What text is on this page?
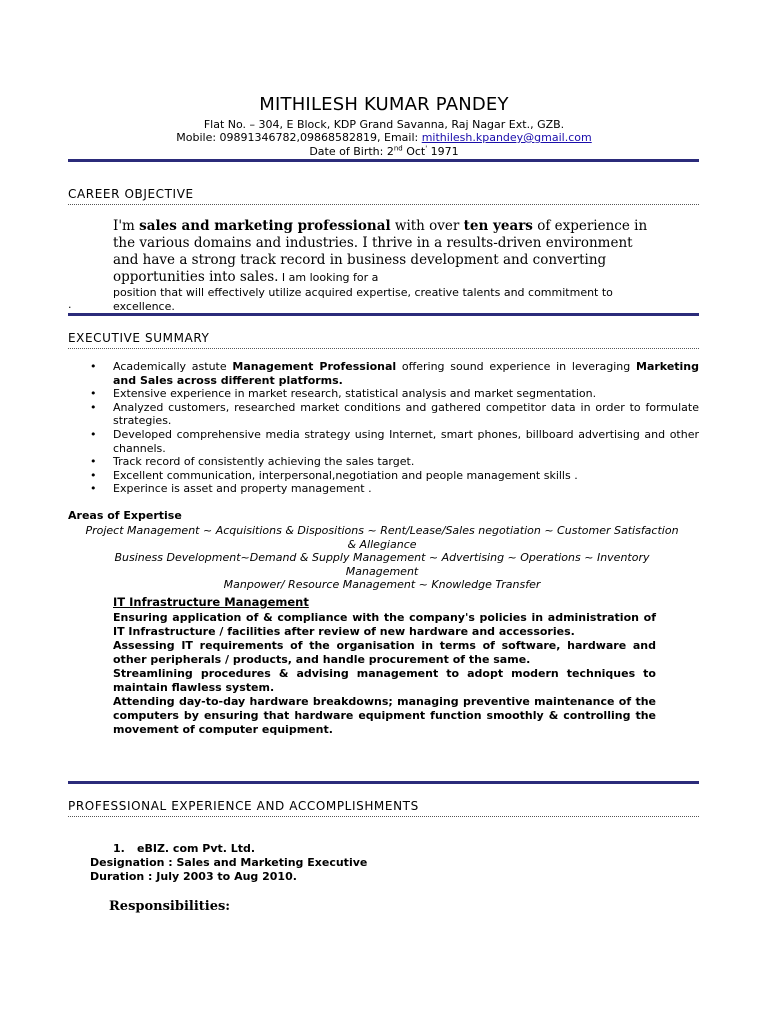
MITHILESH KUMAR PANDEY
Flat No. – 304, E Block, KDP Grand Savanna, Raj Nagar Ext., GZB.
Mobile: 09891346782,09868582819, Email: mithilesh.kpandey@gmail.com
Date of Birth: 2nd Oct' 1971
CAREER OBJECTIVE
I'm sales and marketing professional with over ten years of experience in the various domains and industries. I thrive in a results-driven environment and have a strong track record in business development and converting opportunities into sales. I am looking for a
position that will effectively utilize acquired expertise, creative talents and commitment to excellence.
.
EXECUTIVE SUMMARY
• Academically astute Management Professional offering sound experience in leveraging Marketing and Sales across different platforms.
• Extensive experience in market research, statistical analysis and market segmentation.
• Analyzed customers, researched market conditions and gathered competitor data in order to formulate strategies.
• Developed comprehensive media strategy using Internet, smart phones, billboard advertising and other channels.
• Track record of consistently achieving the sales target.
• Excellent communication, interpersonal,negotiation and people management skills .
• Experince is asset and property management .
Areas of Expertise
Project Management ~ Acquisitions & Dispositions ~ Rent/Lease/Sales negotiation ~ Customer Satisfaction & Allegiance
Business Development~Demand & Supply Management ~ Advertising ~ Operations ~ Inventory Management
Manpower/ Resource Management ~ Knowledge Transfer
IT Infrastructure Management

Ensuring application of & compliance with the company's policies in administration of IT Infrastructure / facilities after review of new hardware and accessories.

Assessing IT requirements of the organisation in terms of software, hardware and other peripherals / products, and handle procurement of the same.

Streamlining procedures & advising management to adopt modern techniques to maintain flawless system.

Attending day-to-day hardware breakdowns; managing preventive maintenance of the computers by ensuring that hardware equipment function smoothly & controlling the movement of computer equipment.

PROFESSIONAL EXPERIENCE AND ACCOMPLISHMENTS
1. eBIZ. com Pvt. Ltd.
Designation : Sales and Marketing Executive
Duration : July 2003 to Aug 2010.
Responsibilities:
